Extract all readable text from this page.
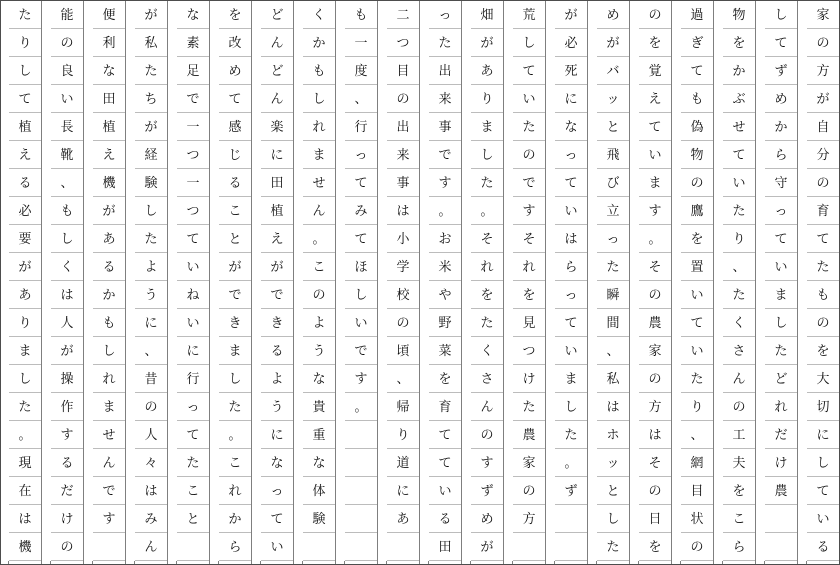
家
の
方
が
自
分
の
育
て
た
も
の
を
大
切
に
し
て
い
る
し
て
ず
め
か
ら
守
っ
て
い
ま
し
た
ど
れ
だ
け
農
物
を
か
ぶ
せ
て
い
た
り
、
た
く
さ
ん
の
工
夫
を
こ
ら
過
ぎ
て
も
偽
物
の
鷹
を
置
い
て
い
た
り
、
網
目
状
の
の
を
覚
え
て
い
ま
す
。
そ
の
農
家
の
方
は
そ
の
日
を
め
が
バ
ッ
と
飛
び
立
っ
た
瞬
間
、
私
は
ホ
ッ
と
し
た
が
必
死
に
な
っ
て
い
は
ら
っ
て
い
ま
し
た
。
ず
荒
し
て
い
た
の
で
す
そ
れ
を
見
つ
け
た
農
家
の
方
畑
が
あ
り
ま
し
た
。
そ
れ
を
た
く
さ
ん
の
す
ず
め
が
っ
た
出
来
事
で
す
。
お
米
や
野
菜
を
育
て
て
い
る
田
二
つ
目
の
出
来
事
は
小
学
校
の
頃
、
帰
り
道
に
あ
も
一
度
、
行
っ
て
み
て
ほ
し
い
で
す
。
く
か
も
し
れ
ま
せ
ん
。
こ
の
よ
う
な
貴
重
な
体
験
ど
ん
ど
ん
楽
に
田
植
え
が
で
き
る
よ
う
に
な
っ
て
い
を
改
め
て
感
じ
る
こ
と
が
で
き
ま
し
た
。
こ
れ
か
ら
な
素
足
で
一
つ
一
つ
て
い
ね
い
に
行
っ
て
た
こ
と
が
私
た
ち
が
経
験
し
た
よ
う
に
、
昔
の
人
々
は
み
ん
便
利
な
田
植
え
機
が
あ
る
か
も
し
れ
ま
せ
ん
で
す
能
の
良
い
長
靴
、
も
し
く
は
人
が
操
作
す
る
だ
け
の
た
り
し
て
植
え
る
必
要
が
あ
り
ま
し
た
。
現
在
は
機
